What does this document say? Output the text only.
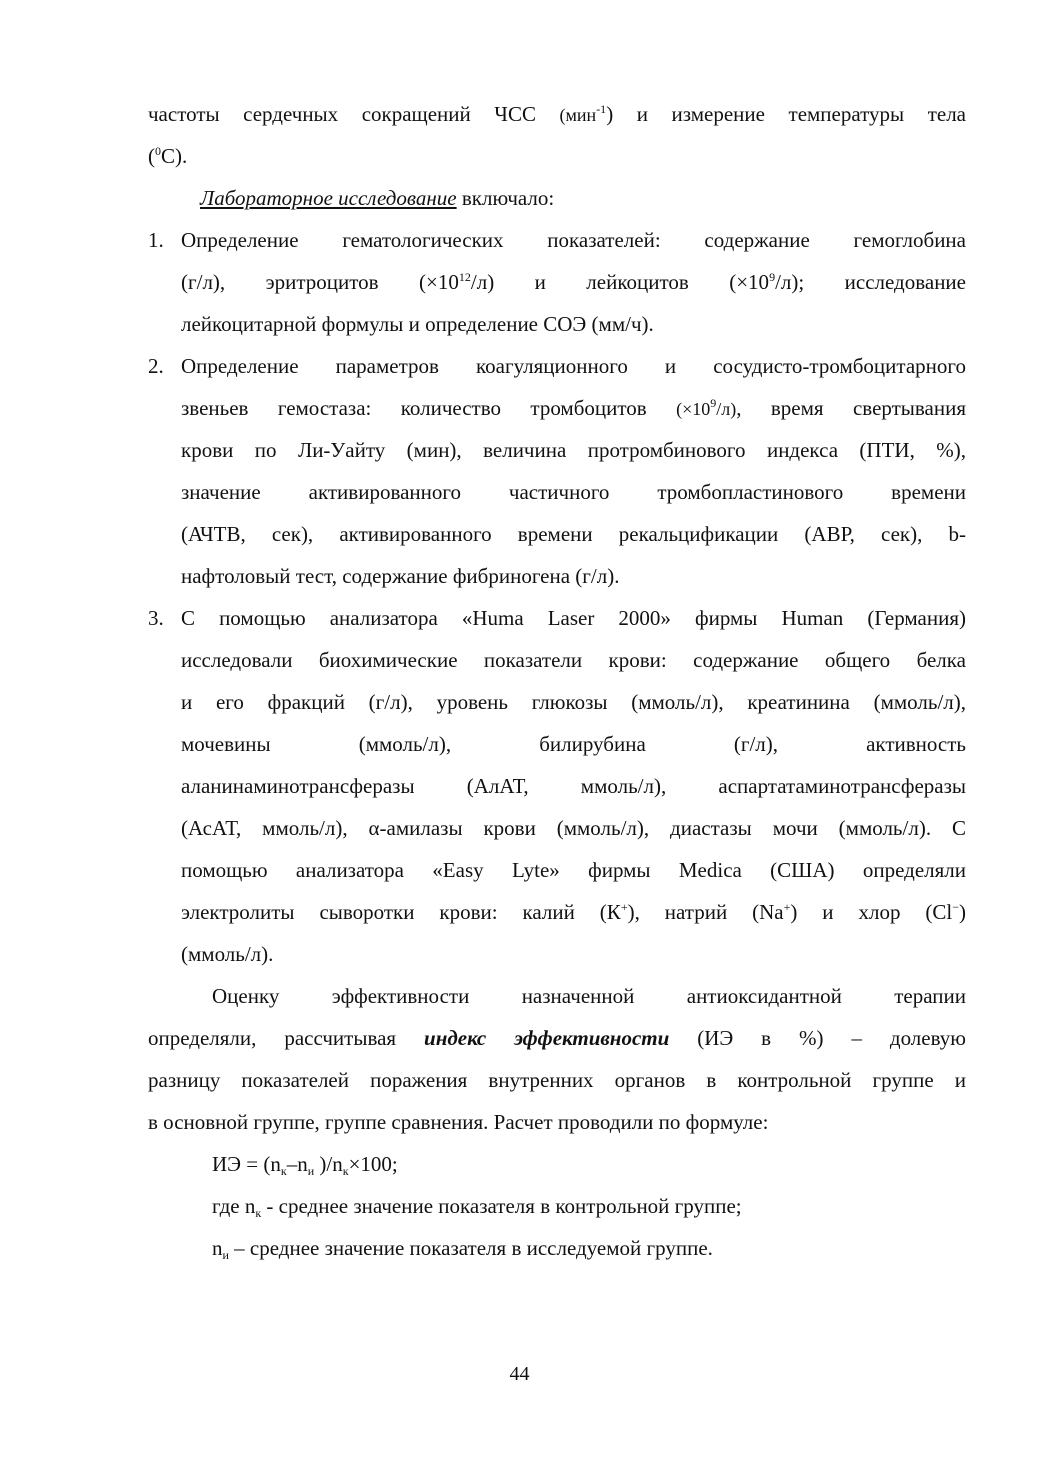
частоты сердечных сокращений ЧСС (мин$^{-1}$) и измерение температуры тела
($^0$С).
Лабораторное исследование включало:
1. Определение гематологических показателей: содержание гемоглобина
(г/л), эритроцитов $(\times 10^{12}/л)$ и лейкоцитов $(\times 10^9/л)$; исследование
лейкоцитарной формулы и определение СОЭ (мм/ч).
2. Определение параметров коагуляционного и сосудисто-тромбоцитарного
звеньев гемостаза: количество тромбоцитов $(\times 10^9/л)$, время свертывания
крови по Ли-Уайту (мин), величина протромбинового индекса (ПТИ, %),
значение активированного частичного тромбопластинового времени
(АЧТВ, сек), активированного времени рекальцификации (АВР, сек), b-
нафтоловый тест, содержание фибриногена (г/л).
3. С помощью анализатора «Huma Laser 2000» фирмы Human (Германия)
исследовали биохимические показатели крови: содержание общего белка
и его фракций (г/л), уровень глюкозы (ммоль/л), креатинина (ммоль/л),
мочевины (ммоль/л), билирубина (г/л), активность
аланинаминотрансферазы (АлАТ, ммоль/л), аспартатаминотрансферазы
(АсАТ, ммоль/л), α-амилазы крови (ммоль/л), диастазы мочи (ммоль/л). С
помощью анализатора «Easy Lyte» фирмы Medica (США) определяли
электролиты сыворотки крови: калий (К+), натрий (Na+) и хлор (Cl−)
(ммоль/л).
Оценку эффективности назначенной антиоксидантной терапии
определяли, рассчитывая индекс эффективности (ИЭ в %) – долевую
разницу показателей поражения внутренних органов в контрольной группе и
в основной группе, группе сравнения. Расчет проводили по формуле:
ИЭ = ($n_к-n_и$ )$/n_к\times 100$;
где $n_к$ - среднее значение показателя в контрольной группе;
$n_и$ – среднее значение показателя в исследуемой группе.
44
